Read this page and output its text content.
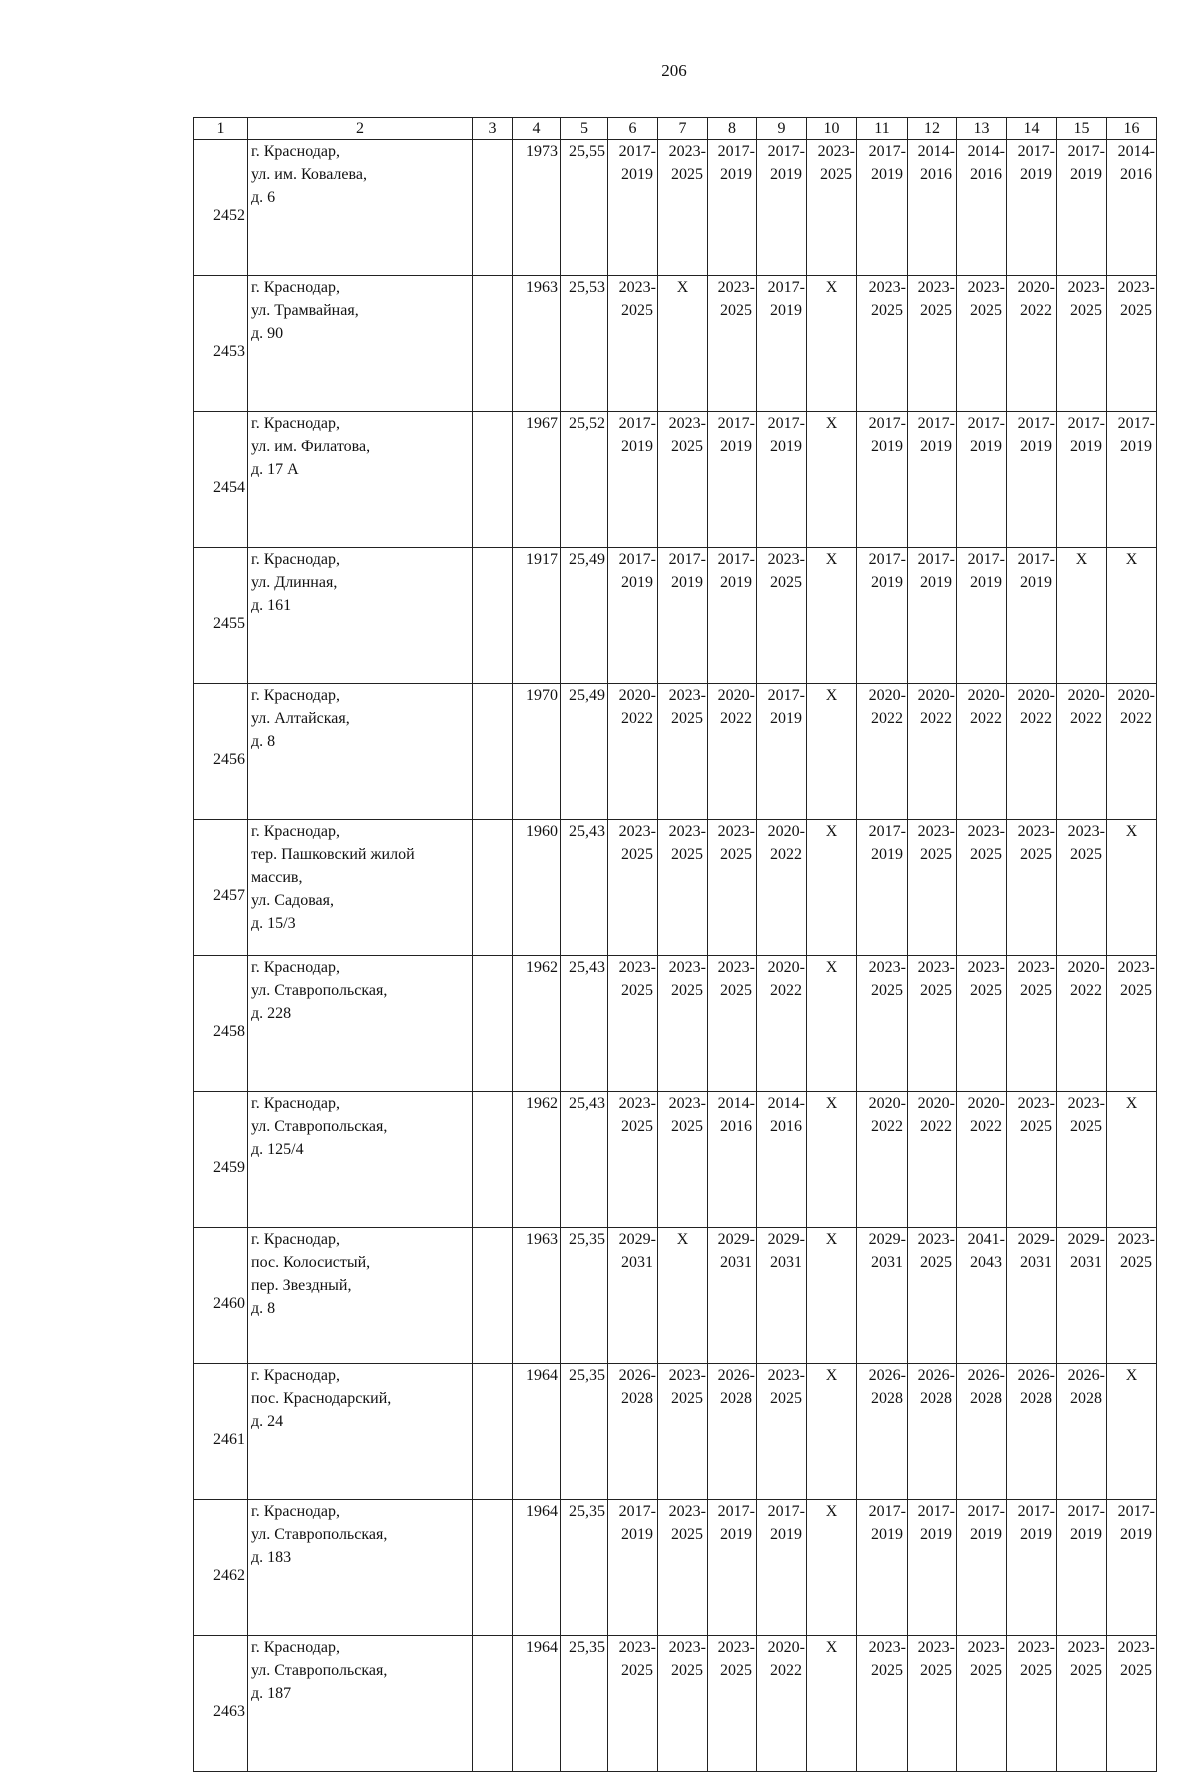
206
1	2	3	4	5	6	7	8	9	10	11	12	13	14	15	16
2452	г. Краснодар,
ул. им. Ковалева,
д. 6		1973	25,55	2017-
2019	2023-
2025	2017-
2019	2017-
2019	2023-
2025	2017-
2019	2014-
2016	2014-
2016	2017-
2019	2017-
2019	2014-
2016

2453	г. Краснодар,
ул. Трамвайная,
д. 90		1963	25,53	2023-
2025	Х	2023-
2025	2017-
2019	Х	2023-
2025	2023-
2025	2023-
2025	2020-
2022	2023-
2025	2023-
2025

2454	г. Краснодар,
ул. им. Филатова,
д. 17 А		1967	25,52	2017-
2019	2023-
2025	2017-
2019	2017-
2019	Х	2017-
2019	2017-
2019	2017-
2019	2017-
2019	2017-
2019	2017-
2019

2455	г. Краснодар,
ул. Длинная,
д. 161		1917	25,49	2017-
2019	2017-
2019	2017-
2019	2023-
2025	Х	2017-
2019	2017-
2019	2017-
2019	2017-
2019	Х	Х

2456	г. Краснодар,
ул. Алтайская,
д. 8		1970	25,49	2020-
2022	2023-
2025	2020-
2022	2017-
2019	Х	2020-
2022	2020-
2022	2020-
2022	2020-
2022	2020-
2022	2020-
2022

2457	г. Краснодар,
тер. Пашковский жилой
массив,
ул. Садовая,
д. 15/3		1960	25,43	2023-
2025	2023-
2025	2023-
2025	2020-
2022	Х	2017-
2019	2023-
2025	2023-
2025	2023-
2025	2023-
2025	Х

2458	г. Краснодар,
ул. Ставропольская,
д. 228		1962	25,43	2023-
2025	2023-
2025	2023-
2025	2020-
2022	Х	2023-
2025	2023-
2025	2023-
2025	2023-
2025	2020-
2022	2023-
2025

2459	г. Краснодар,
ул. Ставропольская,
д. 125/4		1962	25,43	2023-
2025	2023-
2025	2014-
2016	2014-
2016	Х	2020-
2022	2020-
2022	2020-
2022	2023-
2025	2023-
2025	Х

2460	г. Краснодар,
пос. Колосистый,
пер. Звездный,
д. 8		1963	25,35	2029-
2031	Х	2029-
2031	2029-
2031	Х	2029-
2031	2023-
2025	2041-
2043	2029-
2031	2029-
2031	2023-
2025

2461	г. Краснодар,
пос. Краснодарский,
д. 24		1964	25,35	2026-
2028	2023-
2025	2026-
2028	2023-
2025	Х	2026-
2028	2026-
2028	2026-
2028	2026-
2028	2026-
2028	Х

2462	г. Краснодар,
ул. Ставропольская,
д. 183		1964	25,35	2017-
2019	2023-
2025	2017-
2019	2017-
2019	Х	2017-
2019	2017-
2019	2017-
2019	2017-
2019	2017-
2019	2017-
2019

2463	г. Краснодар,
ул. Ставропольская,
д. 187		1964	25,35	2023-
2025	2023-
2025	2023-
2025	2020-
2022	Х	2023-
2025	2023-
2025	2023-
2025	2023-
2025	2023-
2025	2023-
2025
